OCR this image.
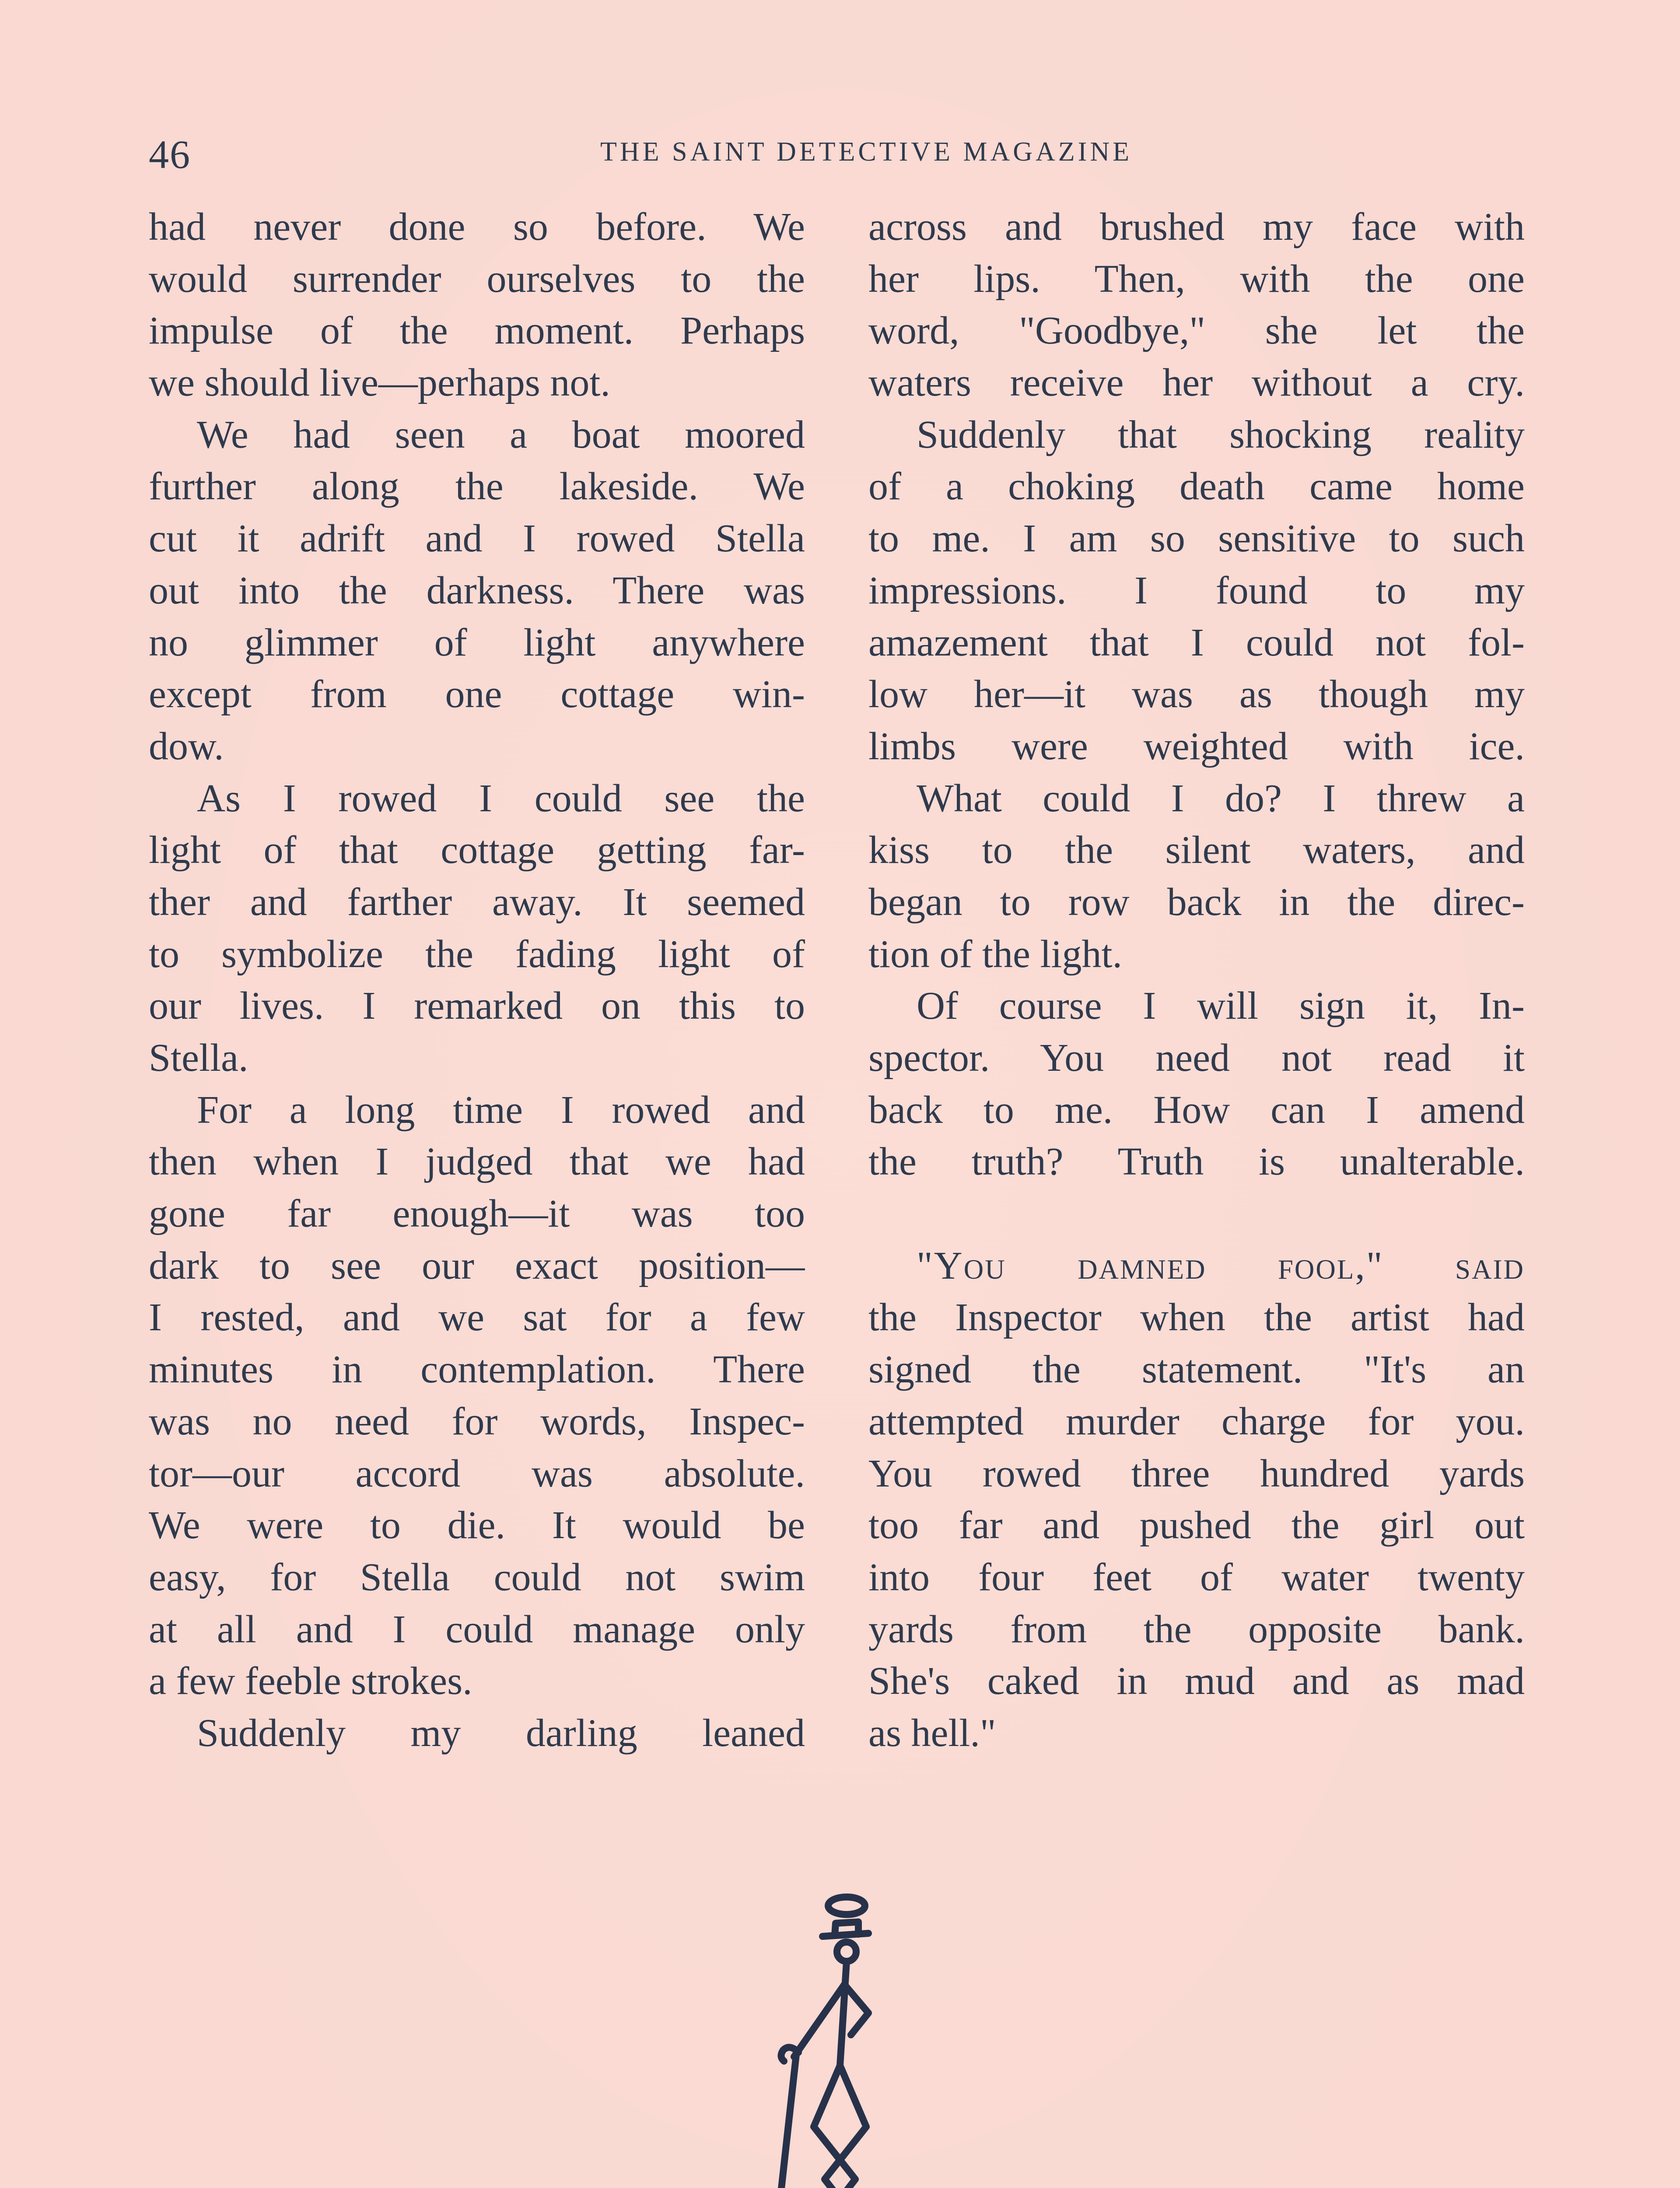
46	THE SAINT DETECTIVE MAGAZINE
had never done so before. We
would surrender ourselves to the
impulse of the moment. Perhaps
we should live—perhaps not.
We had seen a boat moored
further along the lakeside. We
cut it adrift and I rowed Stella
out into the darkness. There was
no glimmer of light anywhere
except from one cottage win-
dow.
As I rowed I could see the
light of that cottage getting far-
ther and farther away. It seemed
to symbolize the fading light of
our lives. I remarked on this to
Stella.
For a long time I rowed and
then when I judged that we had
gone far enough—it was too
dark to see our exact position—
I rested, and we sat for a few
minutes in contemplation. There
was no need for words, Inspec-
tor—our accord was absolute.
We were to die. It would be
easy, for Stella could not swim
at all and I could manage only
a few feeble strokes.
Suddenly my darling leaned
across and brushed my face with
her lips. Then, with the one
word, "Goodbye," she let the
waters receive her without a cry.
Suddenly that shocking reality
of a choking death came home
to me. I am so sensitive to such
impressions. I found to my
amazement that I could not fol-
low her—it was as though my
limbs were weighted with ice.
What could I do? I threw a
kiss to the silent waters, and
began to row back in the direc-
tion of the light.
Of course I will sign it, In-
spector. You need not read it
back to me. How can I amend
the truth? Truth is unalterable.
"You damned fool," said
the Inspector when the artist had
signed the statement. "It's an
attempted murder charge for you.
You rowed three hundred yards
too far and pushed the girl out
into four feet of water twenty
yards from the opposite bank.
She's caked in mud and as mad
as hell."
